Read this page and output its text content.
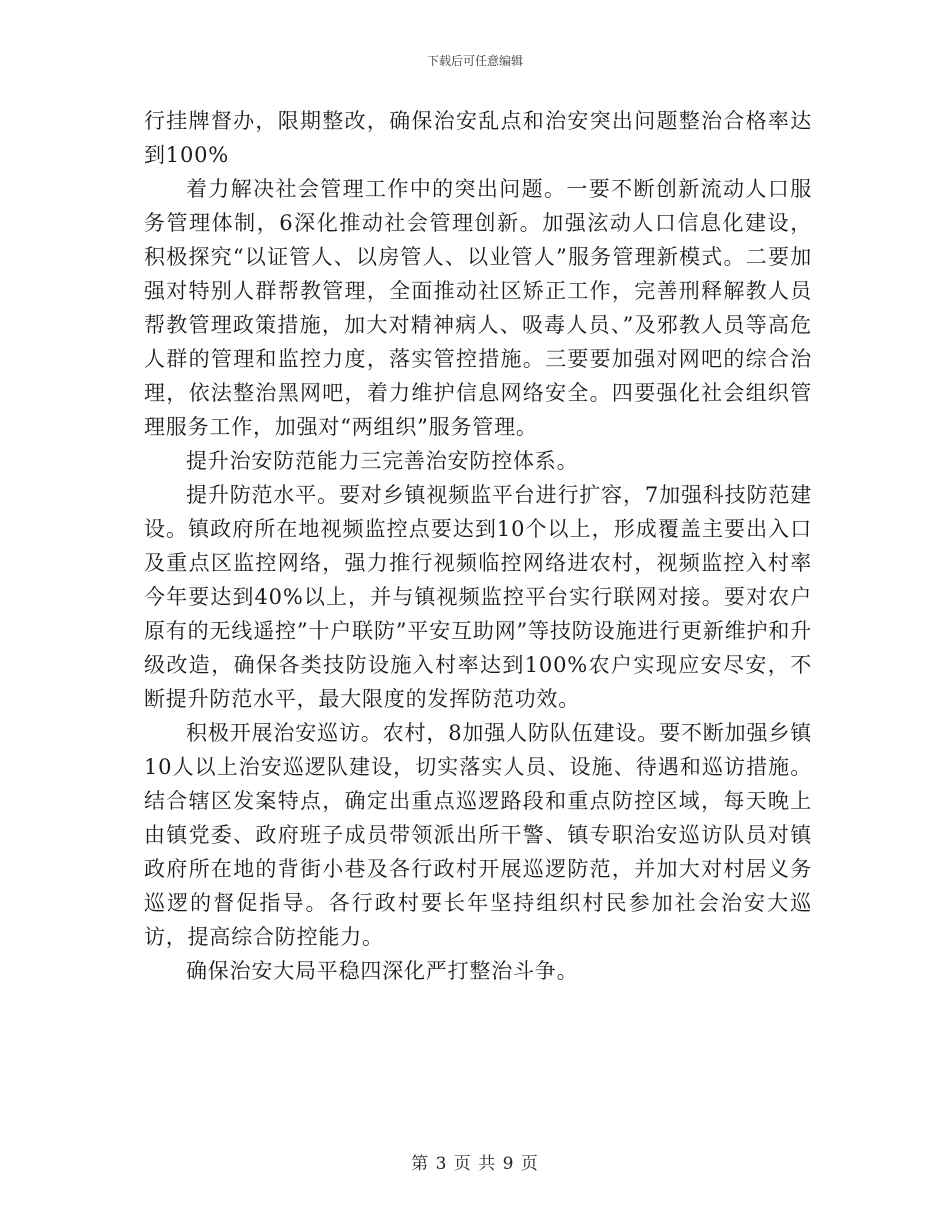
下载后可任意编辑

行挂牌督办，限期整改，确保治安乱点和治安突出问题整治合格率达到100%

着力解决社会管理工作中的突出问题。一要不断创新流动人口服务管理体制，6深化推动社会管理创新。加强泫动人口信息化建设，积极探究“以证管人、以房管人、以业管人”服务管理新模式。二要加强对特别人群帮教管理，全面推动社区矫正工作，完善刑释解教人员帮教管理政策措施，加大对精神病人、吸毒人员、”及邪教人员等高危人群的管理和监控力度，落实管控措施。三要要加强对网吧的综合治理，依法整治黑网吧，着力维护信息网络安全。四要强化社会组织管理服务工作，加强对“两组织”服务管理。

提升治安防范能力三完善治安防控体系。

提升防范水平。要对乡镇视频监平台进行扩容，7加强科技防范建设。镇政府所在地视频监控点要达到10个以上，形成覆盖主要出入口及重点区监控网络，强力推行视频临控网络进农村，视频监控入村率今年要达到40%以上，并与镇视频监控平台实行联网对接。要对农户原有的无线遥控”十户联防”平安互助网”等技防设施进行更新维护和升级改造，确保各类技防设施入村率达到100%农户实现应安尽安，不断提升防范水平，最大限度的发挥防范功效。

积极开展治安巡访。农村，8加强人防队伍建设。要不断加强乡镇10人以上治安巡逻队建设，切实落实人员、设施、待遇和巡访措施。结合辖区发案特点，确定出重点巡逻路段和重点防控区域，每天晚上由镇党委、政府班子成员带领派出所干警、镇专职治安巡访队员对镇政府所在地的背街小巷及各行政村开展巡逻防范，并加大对村居义务巡逻的督促指导。各行政村要长年坚持组织村民参加社会治安大巡访，提高综合防控能力。

确保治安大局平稳四深化严打整治斗争。

第 3 页 共 9 页
